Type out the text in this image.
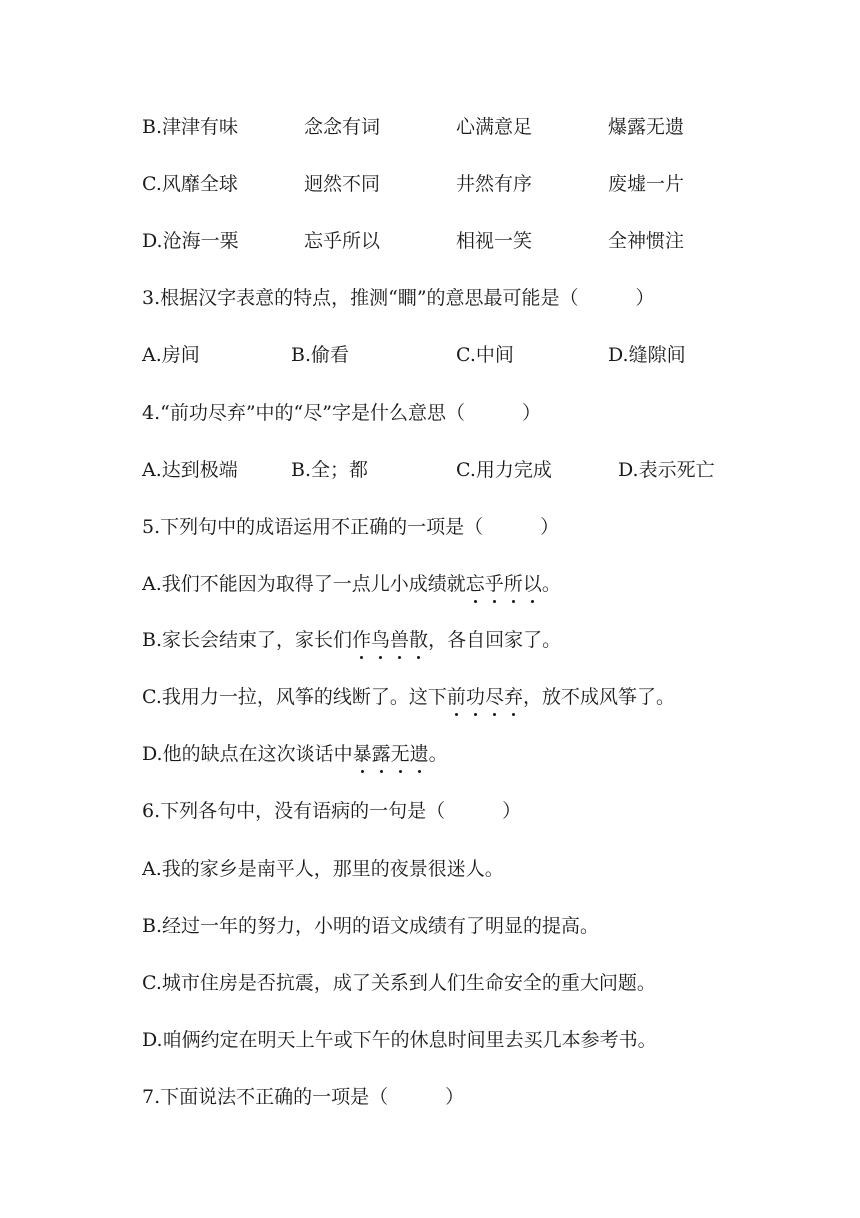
B.津津有味	念念有词	心满意足	爆露无遗
C.风靡全球	迥然不同	井然有序	废墟一片
D.沧海一栗	忘乎所以	相视一笑	全神惯注
3.根据汉字表意的特点，推测“瞷”的意思最可能是（　　　）
A.房间	B.偷看	C.中间	D.缝隙间
4.“前功尽弃”中的“尽”字是什么意思（　　　）
A.达到极端	B.全；都	C.用力完成	D.表示死亡
5.下列句中的成语运用不正确的一项是（　　　）
A.我们不能因为取得了一点儿小成绩就忘乎所以。
B.家长会结束了，家长们作鸟兽散，各自回家了。
C.我用力一拉，风筝的线断了。这下前功尽弃，放不成风筝了。
D.他的缺点在这次谈话中暴露无遗。
6.下列各句中，没有语病的一句是（　　　）
A.我的家乡是南平人，那里的夜景很迷人。
B.经过一年的努力，小明的语文成绩有了明显的提高。
C.城市住房是否抗震，成了关系到人们生命安全的重大问题。
D.咱俩约定在明天上午或下午的休息时间里去买几本参考书。
7.下面说法不正确的一项是（　　　）
